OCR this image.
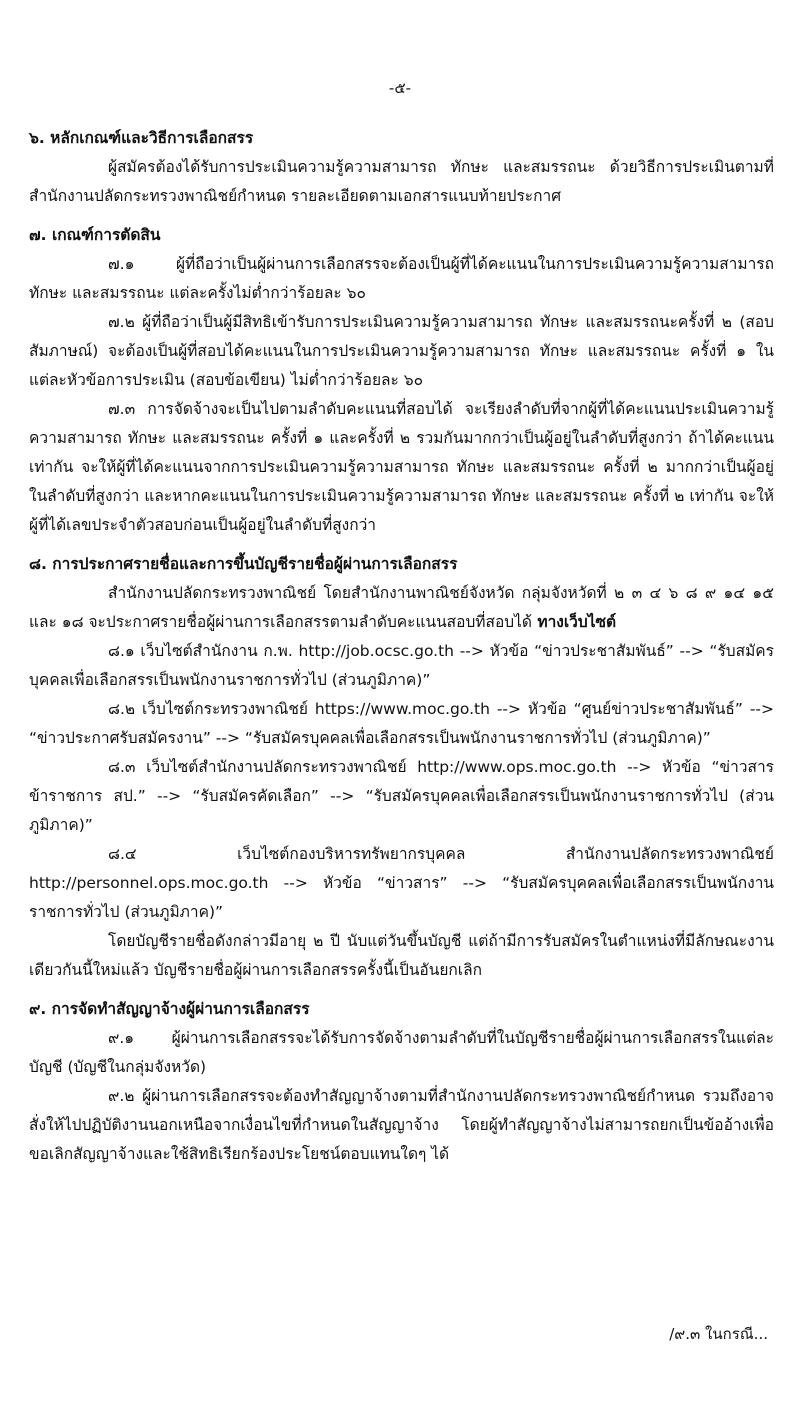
-๕-

๖. หลักเกณฑ์และวิธีการเลือกสรร

ผู้สมัครต้องได้รับการประเมินความรู้ความสามารถ ทักษะ และสมรรถนะ ด้วยวิธีการประเมินตามที่สำนักงานปลัดกระทรวงพาณิชย์กำหนด รายละเอียดตามเอกสารแนบท้ายประกาศ

๗. เกณฑ์การตัดสิน

๗.๑ ผู้ที่ถือว่าเป็นผู้ผ่านการเลือกสรรจะต้องเป็นผู้ที่ได้คะแนนในการประเมินความรู้ความสามารถ ทักษะ และสมรรถนะ แต่ละครั้งไม่ต่ำกว่าร้อยละ ๖๐

๗.๒ ผู้ที่ถือว่าเป็นผู้มีสิทธิเข้ารับการประเมินความรู้ความสามารถ ทักษะ และสมรรถนะครั้งที่ ๒ (สอบสัมภาษณ์) จะต้องเป็นผู้ที่สอบได้คะแนนในการประเมินความรู้ความสามารถ ทักษะ และสมรรถนะ ครั้งที่ ๑ ในแต่ละหัวข้อการประเมิน (สอบข้อเขียน) ไม่ต่ำกว่าร้อยละ ๖๐

๗.๓ การจัดจ้างจะเป็นไปตามลำดับคะแนนที่สอบได้ จะเรียงลำดับที่จากผู้ที่ได้คะแนนประเมินความรู้ความสามารถ ทักษะ และสมรรถนะ ครั้งที่ ๑ และครั้งที่ ๒ รวมกันมากกว่าเป็นผู้อยู่ในลำดับที่สูงกว่า ถ้าได้คะแนนเท่ากัน จะให้ผู้ที่ได้คะแนนจากการประเมินความรู้ความสามารถ ทักษะ และสมรรถนะ ครั้งที่ ๒ มากกว่าเป็นผู้อยู่ในลำดับที่สูงกว่า และหากคะแนนในการประเมินความรู้ความสามารถ ทักษะ และสมรรถนะ ครั้งที่ ๒ เท่ากัน จะให้ผู้ที่ได้เลขประจำตัวสอบก่อนเป็นผู้อยู่ในลำดับที่สูงกว่า

๘. การประกาศรายชื่อและการขึ้นบัญชีรายชื่อผู้ผ่านการเลือกสรร

สำนักงานปลัดกระทรวงพาณิชย์ โดยสำนักงานพาณิชย์จังหวัด กลุ่มจังหวัดที่ ๒ ๓ ๔ ๖ ๘ ๙ ๑๔ ๑๕ และ ๑๘ จะประกาศรายชื่อผู้ผ่านการเลือกสรรตามลำดับคะแนนสอบที่สอบได้ ทางเว็บไซต์

๘.๑ เว็บไซต์สำนักงาน ก.พ. http://job.ocsc.go.th --> หัวข้อ “ข่าวประชาสัมพันธ์” --> “รับสมัครบุคคลเพื่อเลือกสรรเป็นพนักงานราชการทั่วไป (ส่วนภูมิภาค)”

๘.๒ เว็บไซต์กระทรวงพาณิชย์ https://www.moc.go.th --> หัวข้อ “ศูนย์ข่าวประชาสัมพันธ์” --> “ข่าวประกาศรับสมัครงาน” --> “รับสมัครบุคคลเพื่อเลือกสรรเป็นพนักงานราชการทั่วไป (ส่วนภูมิภาค)”

๘.๓ เว็บไซต์สำนักงานปลัดกระทรวงพาณิชย์ http://www.ops.moc.go.th --> หัวข้อ “ข่าวสารข้าราชการ สป.” --> “รับสมัครคัดเลือก” --> “รับสมัครบุคคลเพื่อเลือกสรรเป็นพนักงานราชการทั่วไป (ส่วนภูมิภาค)”

๘.๔ เว็บไซต์กองบริหารทรัพยากรบุคคล สำนักงานปลัดกระทรวงพาณิชย์ http://personnel.ops.moc.go.th --> หัวข้อ “ข่าวสาร” --> “รับสมัครบุคคลเพื่อเลือกสรรเป็นพนักงานราชการทั่วไป (ส่วนภูมิภาค)”

โดยบัญชีรายชื่อดังกล่าวมีอายุ ๒ ปี นับแต่วันขึ้นบัญชี แต่ถ้ามีการรับสมัครในตำแหน่งที่มีลักษณะงานเดียวกันนี้ใหม่แล้ว บัญชีรายชื่อผู้ผ่านการเลือกสรรครั้งนี้เป็นอันยกเลิก

๙. การจัดทำสัญญาจ้างผู้ผ่านการเลือกสรร

๙.๑ ผู้ผ่านการเลือกสรรจะได้รับการจัดจ้างตามลำดับที่ในบัญชีรายชื่อผู้ผ่านการเลือกสรรในแต่ละบัญชี (บัญชีในกลุ่มจังหวัด)

๙.๒ ผู้ผ่านการเลือกสรรจะต้องทำสัญญาจ้างตามที่สำนักงานปลัดกระทรวงพาณิชย์กำหนด รวมถึงอาจสั่งให้ไปปฏิบัติงานนอกเหนือจากเงื่อนไขที่กำหนดในสัญญาจ้าง โดยผู้ทำสัญญาจ้างไม่สามารถยกเป็นข้ออ้างเพื่อขอเลิกสัญญาจ้างและใช้สิทธิเรียกร้องประโยชน์ตอบแทนใดๆ ได้

/๙.๓ ในกรณี...
